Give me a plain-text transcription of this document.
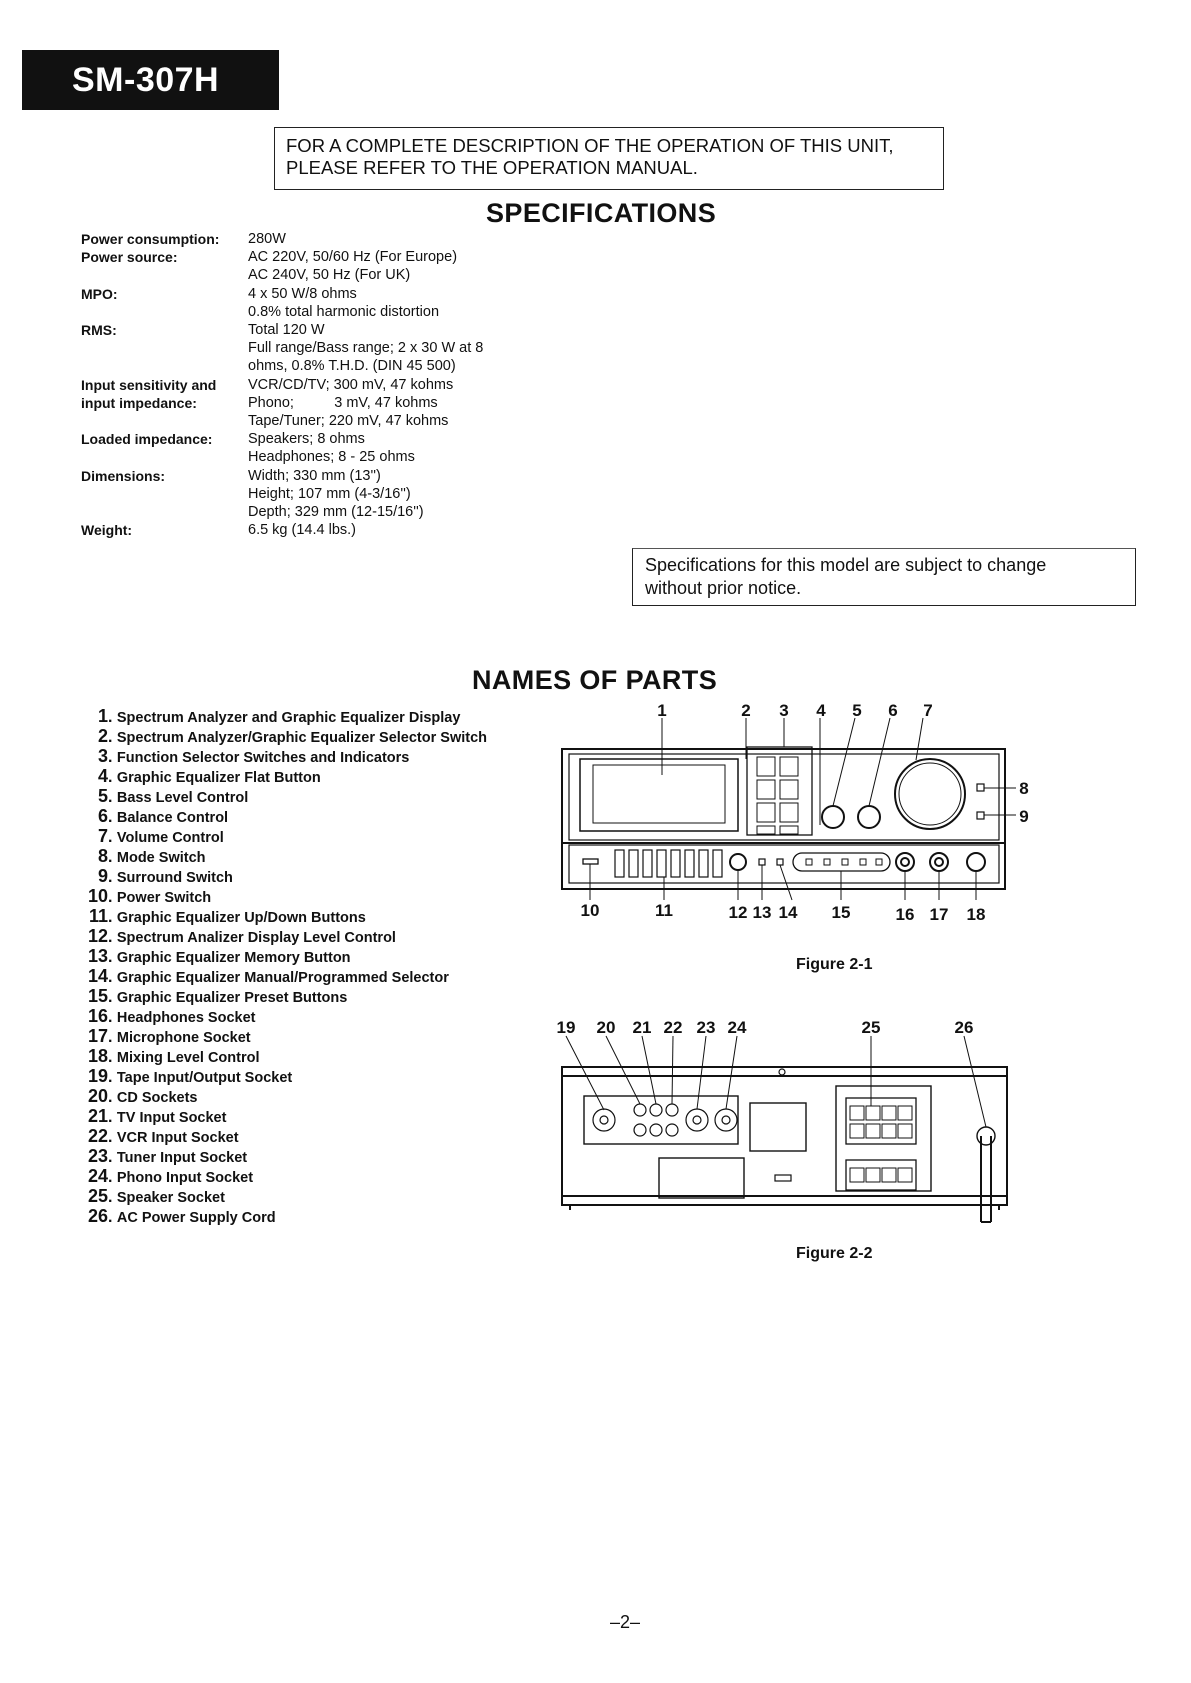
SM-307H
FOR A COMPLETE DESCRIPTION OF THE OPERATION OF THIS UNIT,
PLEASE REFER TO THE OPERATION MANUAL.
SPECIFICATIONS
Power consumption:	280W
Power source:	AC 220V, 50/60 Hz (For Europe)
AC 240V, 50 Hz (For UK)
MPO:	4 x 50 W/8 ohms
0.8% total harmonic distortion
RMS:	Total 120 W
Full range/Bass range; 2 x 30 W at 8
ohms, 0.8% T.H.D. (DIN 45 500)
Input sensitivity and
input impedance:
VCR/CD/TV; 300 mV, 47 kohms
Phono;          3 mV, 47 kohms
Tape/Tuner; 220 mV, 47 kohms
Loaded impedance:	Speakers; 8 ohms
Headphones; 8 - 25 ohms
Dimensions:	Width; 330 mm (13'')
Height; 107 mm (4-3/16'')
Depth; 329 mm (12-15/16'')
Weight:	6.5 kg (14.4 lbs.)
Specifications for this model are subject to change
without prior notice.
NAMES OF PARTS
1. Spectrum Analyzer and Graphic Equalizer Display
2. Spectrum Analyzer/Graphic Equalizer Selector Switch
3. Function Selector Switches and Indicators
4. Graphic Equalizer Flat Button
5. Bass Level Control
6. Balance Control
7. Volume Control
8. Mode Switch
9. Surround Switch
10. Power Switch
11. Graphic Equalizer Up/Down Buttons
12. Spectrum Analizer Display Level Control
13. Graphic Equalizer Memory Button
14. Graphic Equalizer Manual/Programmed Selector
15. Graphic Equalizer Preset Buttons
16. Headphones Socket
17. Microphone Socket
18. Mixing Level Control
19. Tape Input/Output Socket
20. CD Sockets
21. TV Input Socket
22. VCR Input Socket
23. Tuner Input Socket
24. Phono Input Socket
25. Speaker Socket
26. AC Power Supply Cord
1	2 3 4 5 6 7
8
9
10	11	12 13 14 15	16 17 18
Figure 2-1
19 20 21 22 23 24	25	26
Figure 2-2
–2–
